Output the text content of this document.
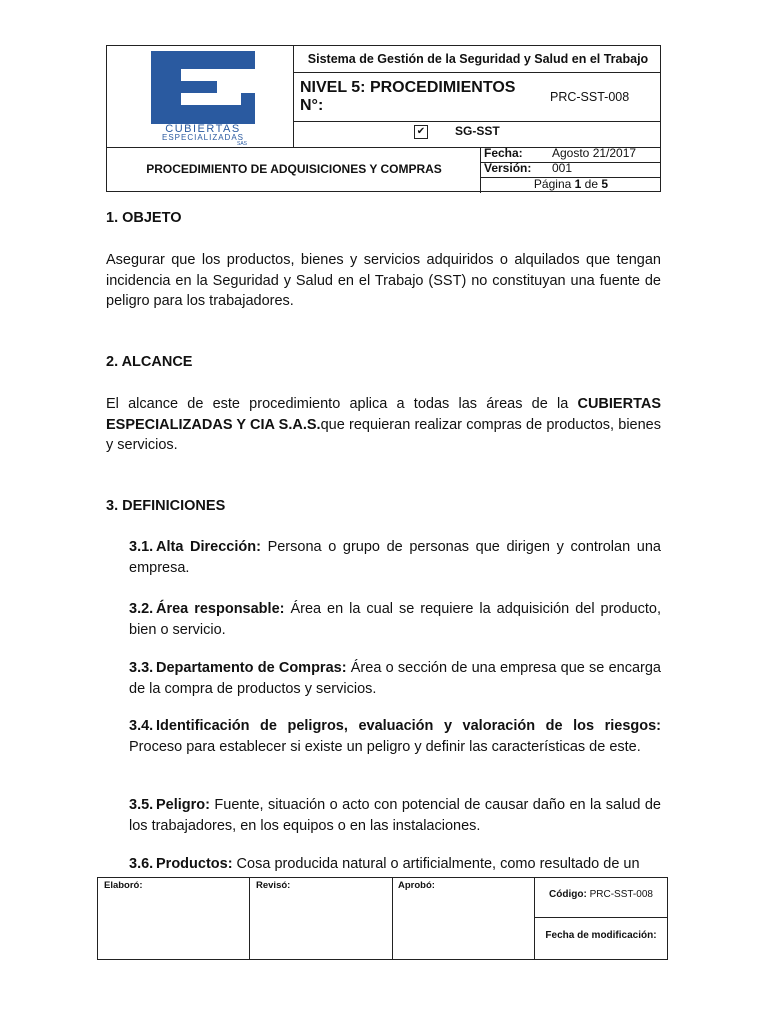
CUBIERTAS
ESPECIALIZADAS
SAS
Sistema de Gestión de la Seguridad y Salud en el Trabajo
NIVEL 5: PROCEDIMIENTOS N°:	PRC-SST-008
✔ SG-SST
PROCEDIMIENTO DE ADQUISICIONES Y COMPRAS
Fecha: Agosto 21/2017
Versión: 001
Página 1 de 5
1. OBJETO
Asegurar que los productos, bienes y servicios adquiridos o alquilados que tengan incidencia en la Seguridad y Salud en el Trabajo (SST) no constituyan una fuente de peligro para los trabajadores.
2. ALCANCE
El alcance de este procedimiento aplica a todas las áreas de la CUBIERTAS ESPECIALIZADAS Y CIA S.A.S.que requieran realizar compras de productos, bienes y servicios.
3. DEFINICIONES
3.1. Alta Dirección: Persona o grupo de personas que dirigen y controlan una empresa.
3.2. Área responsable: Área en la cual se requiere la adquisición del producto, bien o servicio.
3.3. Departamento de Compras: Área o sección de una empresa que se encarga de la compra de productos y servicios.
3.4. Identificación de peligros, evaluación y valoración de los riesgos: Proceso para establecer si existe un peligro y definir las características de este.
3.5. Peligro: Fuente, situación o acto con potencial de causar daño en la salud de los trabajadores, en los equipos o en las instalaciones.
3.6. Productos: Cosa producida natural o artificialmente, como resultado de un
Elaboró:	Revisó:	Aprobó:
Código: PRC-SST-008
Fecha de modificación:
